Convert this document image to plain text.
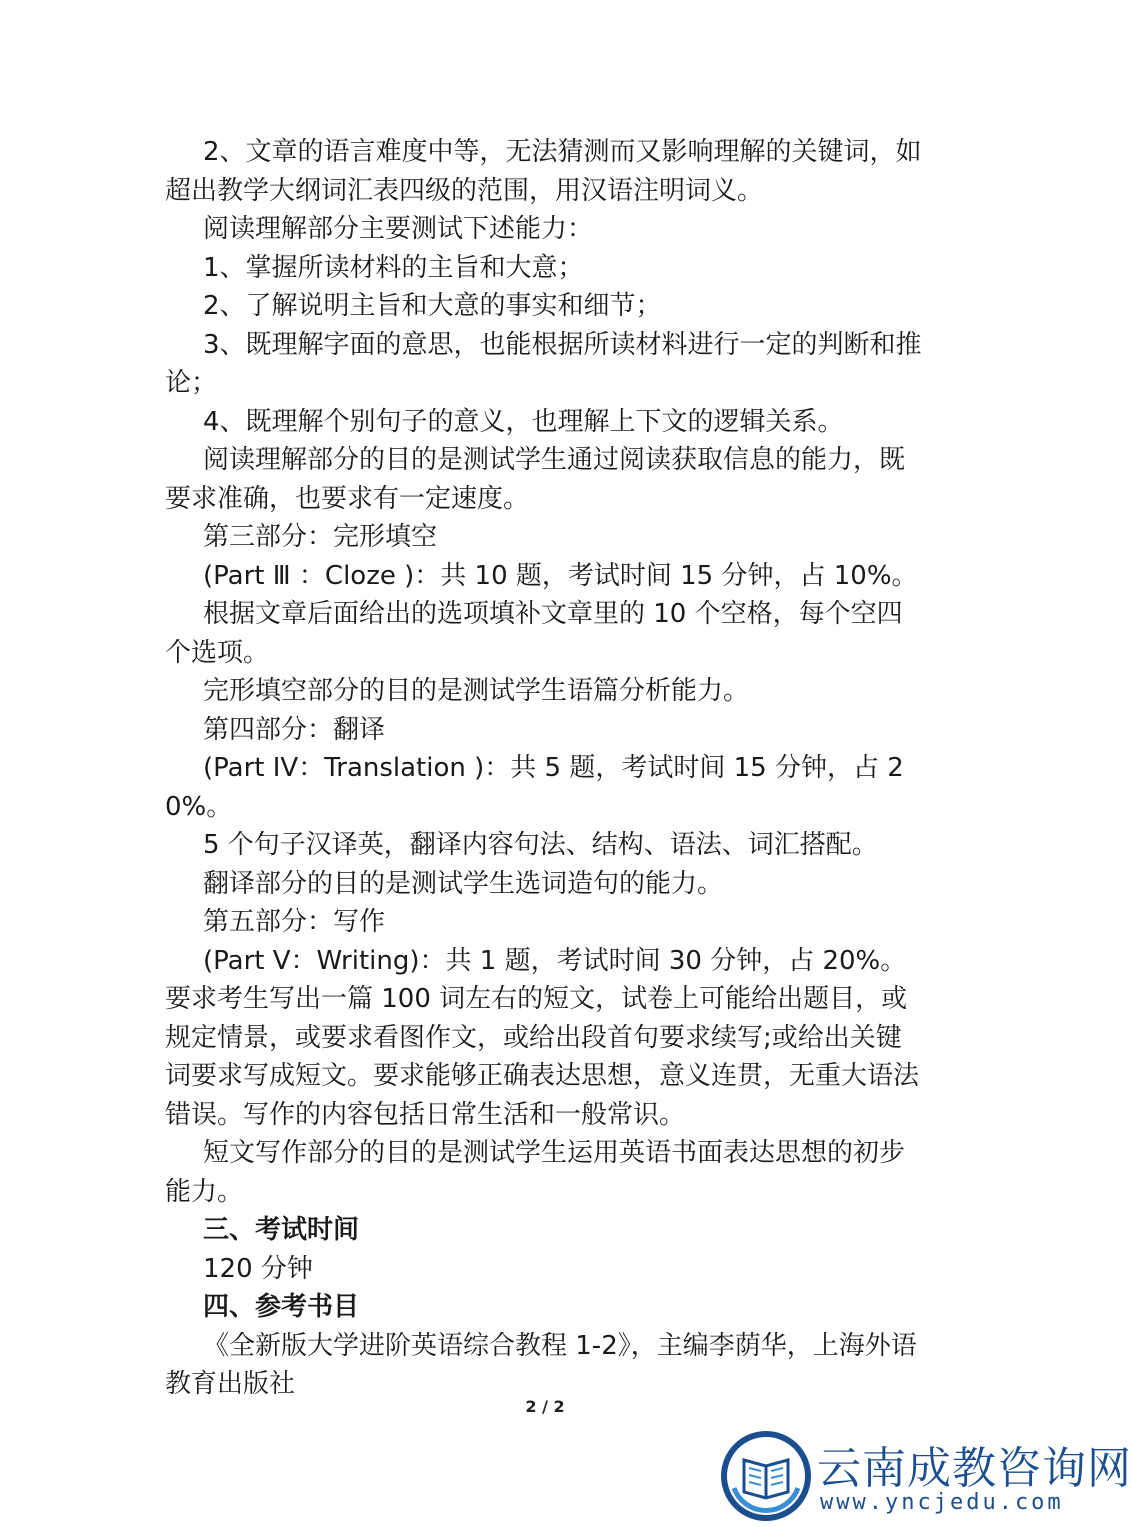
2、文章的语言难度中等，无法猜测而又影响理解的关键词，如超出教学大纲词汇表四级的范围，用汉语注明词义。

阅读理解部分主要测试下述能力：

1、掌握所读材料的主旨和大意；

2、了解说明主旨和大意的事实和细节；

3、既理解字面的意思，也能根据所读材料进行一定的判断和推论；

4、既理解个别句子的意义，也理解上下文的逻辑关系。

阅读理解部分的目的是测试学生通过阅读获取信息的能力，既要求准确，也要求有一定速度。

第三部分：完形填空

(Part Ⅲ ：Cloze )：共 10 题，考试时间 15 分钟，占 10%。

根据文章后面给出的选项填补文章里的 10 个空格，每个空四个选项。

完形填空部分的目的是测试学生语篇分析能力。

第四部分：翻译

(Part IⅤ：Translation )：共 5 题，考试时间 15 分钟，占 20%。

5 个句子汉译英，翻译内容句法、结构、语法、词汇搭配。

翻译部分的目的是测试学生选词造句的能力。

第五部分：写作

(Part Ⅴ：Writing)：共 1 题，考试时间 30 分钟，占 20%。要求考生写出一篇 100 词左右的短文，试卷上可能给出题目，或规定情景，或要求看图作文，或给出段首句要求续写;或给出关键词要求写成短文。要求能够正确表达思想，意义连贯，无重大语法错误。写作的内容包括日常生活和一般常识。

短文写作部分的目的是测试学生运用英语书面表达思想的初步能力。

三、考试时间

120 分钟

四、参考书目

《全新版大学进阶英语综合教程 1-2》，主编李荫华，上海外语教育出版社

2 / 2
云南成教咨询网
www.yncjedu.com
